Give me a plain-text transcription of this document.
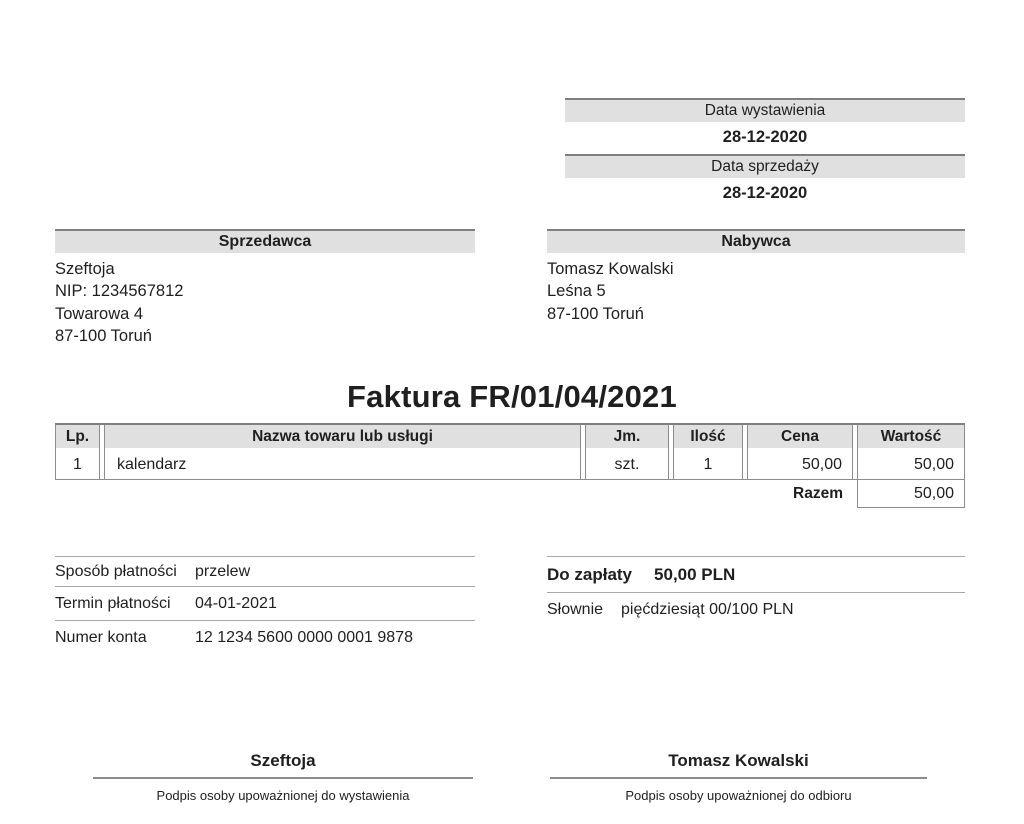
Data wystawienia
28-12-2020
Data sprzedaży
28-12-2020
Sprzedawca
Szeftoja
NIP: 1234567812
Towarowa 4
87-100 Toruń
Nabywca
Tomasz Kowalski
Leśna 5
87-100 Toruń
Faktura FR/01/04/2021
Lp.	Nazwa towaru lub usługi	Jm.	Ilość	Cena	Wartość
1	kalendarz	szt.	1	50,00	50,00
Razem	50,00
Sposób płatności	przelew
Termin płatności	04-01-2021
Numer konta	12 1234 5600 0000 0001 9878
Do zapłaty 50,00 PLN
Słownie pięćdziesiąt 00/100 PLN
Szeftoja
Podpis osoby upoważnionej do wystawienia
Tomasz Kowalski
Podpis osoby upoważnionej do odbioru
